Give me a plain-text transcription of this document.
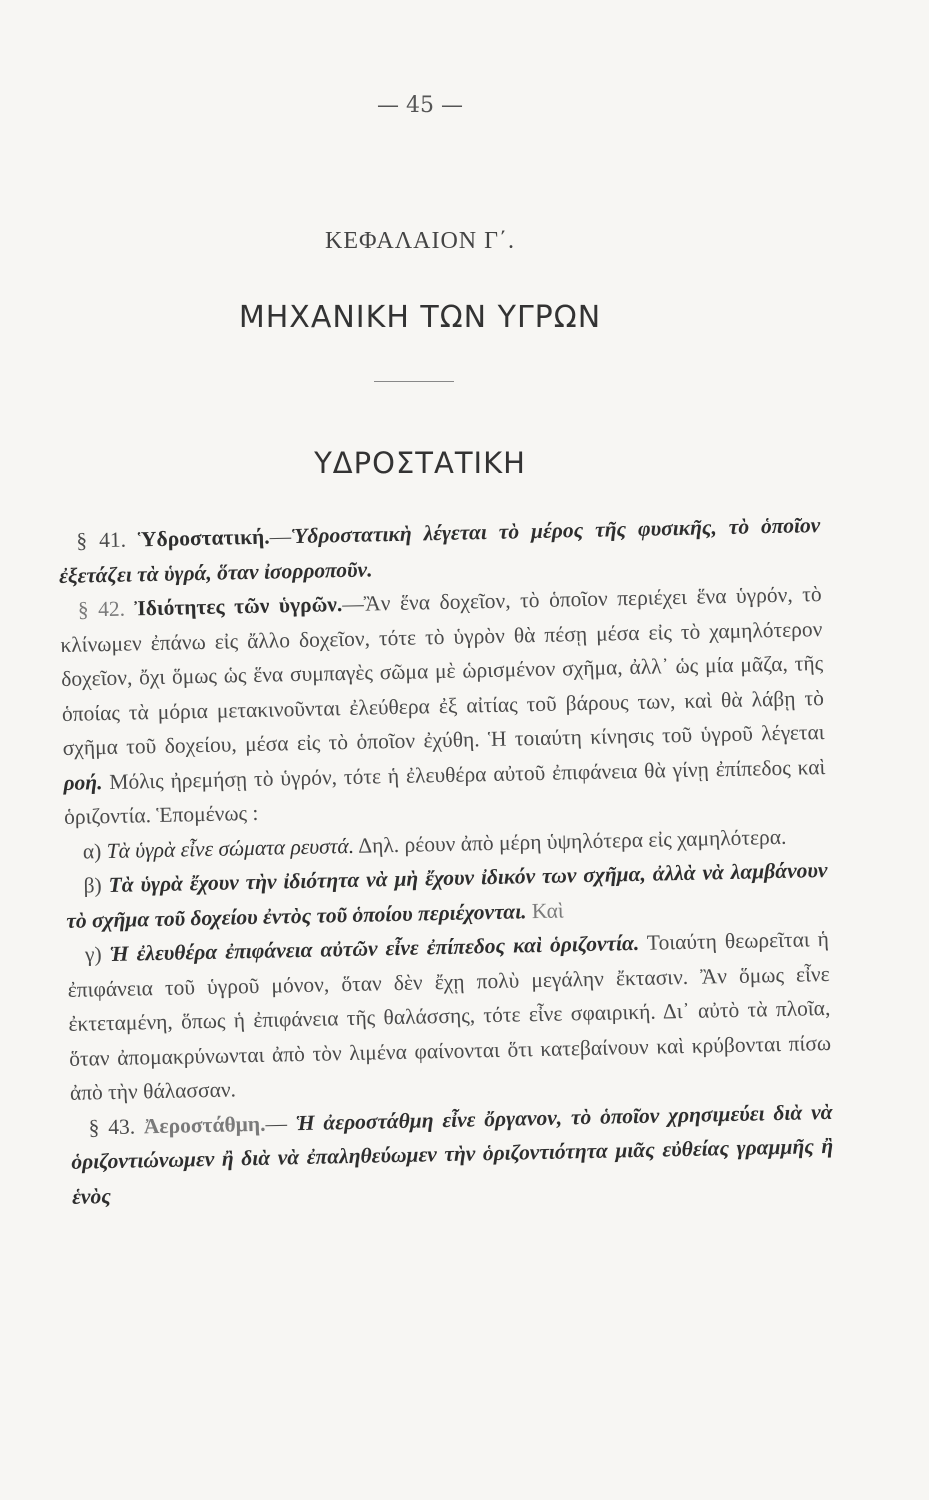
— 45 —
ΚΕΦΑΛΑΙΟΝ Γ΄.
ΜΗΧΑΝΙΚΗ ΤΩΝ ΥΓΡΩΝ
ΥΔΡΟΣΤΑΤΙΚΗ

§ 41. Ὑδροστατική.—Ὑδροστατικὴ λέγεται τὸ μέρος τῆς φυσικῆς, τὸ ὁποῖον ἐξετάζει τὰ ὑγρά, ὅταν ἰσορροποῦν.

§ 42. Ἰδιότητες τῶν ὑγρῶν.—Ἂν ἕνα δοχεῖον, τὸ ὁποῖον περιέχει ἕνα ὑγρόν, τὸ κλίνωμεν ἐπάνω εἰς ἄλλο δοχεῖον, τότε τὸ ὑγρὸν θὰ πέσῃ μέσα εἰς τὸ χαμηλότερον δοχεῖον, ὄχι ὅμως ὡς ἕνα συμπαγὲς σῶμα μὲ ὡρισμένον σχῆμα, ἀλλ᾽ ὡς μία μᾶζα, τῆς ὁποίας τὰ μόρια μετακινοῦνται ἐλεύθερα ἐξ αἰτίας τοῦ βάρους των, καὶ θὰ λάβῃ τὸ σχῆμα τοῦ δοχείου, μέσα εἰς τὸ ὁποῖον ἐχύθη. Ἡ τοιαύτη κίνησις τοῦ ὑγροῦ λέγεται ροή. Μόλις ἠρεμήσῃ τὸ ὑγρόν, τότε ἡ ἐλευθέρα αὐτοῦ ἐπιφάνεια θὰ γίνῃ ἐπίπεδος καὶ ὁριζοντία. Ἑπομένως :

α) Τὰ ὑγρὰ εἶνε σώματα ρευστά. Δηλ. ρέουν ἀπὸ μέρη ὑψηλότερα εἰς χαμηλότερα.

β) Τὰ ὑγρὰ ἔχουν τὴν ἰδιότητα νὰ μὴ ἔχουν ἰδικόν των σχῆμα, ἀλλὰ νὰ λαμβάνουν τὸ σχῆμα τοῦ δοχείου ἐντὸς τοῦ ὁποίου περιέχονται. Καὶ

γ) Ἡ ἐλευθέρα ἐπιφάνεια αὐτῶν εἶνε ἐπίπεδος καὶ ὁριζοντία. Τοιαύτη θεωρεῖται ἡ ἐπιφάνεια τοῦ ὑγροῦ μόνον, ὅταν δὲν ἔχῃ πολὺ μεγάλην ἔκτασιν. Ἂν ὅμως εἶνε ἐκτεταμένη, ὅπως ἡ ἐπιφάνεια τῆς θαλάσσης, τότε εἶνε σφαιρική. Δι᾽ αὐτὸ τὰ πλοῖα, ὅταν ἀπομακρύνωνται ἀπὸ τὸν λιμένα φαίνονται ὅτι κατεβαίνουν καὶ κρύβονται πίσω ἀπὸ τὴν θάλασσαν.

§ 43. Ἀεροστάθμη.— Ἡ ἀεροστάθμη εἶνε ὄργανον, τὸ ὁποῖον χρησιμεύει διὰ νὰ ὁριζοντιώνωμεν ἢ διὰ νὰ ἐπαληθεύωμεν τὴν ὁριζοντιότητα μιᾶς εὐθείας γραμμῆς ἢ ἑνὸς
